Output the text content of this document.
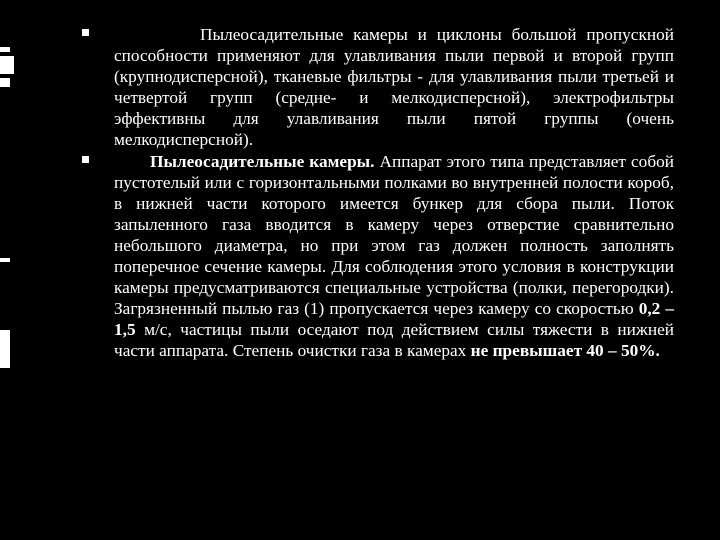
Пылеосадительные камеры и циклоны большой пропускной способности применяют для улавливания пыли первой и второй групп (крупнодисперсной), тканевые фильтры - для улавливания пыли третьей и четвертой групп (средне- и мелкодисперсной), электрофильтры эффективны для улавливания пыли пятой группы (очень мелкодисперсной).
Пылеосадительные камеры. Аппарат этого типа представляет собой пустотелый или с горизонтальными полками во внутренней полости короб, в нижней части которого имеется бункер для сбора пыли. Поток запыленного газа вводится в камеру через отверстие сравнительно небольшого диаметра, но при этом газ должен полность заполнять поперечное сечение камеры. Для соблюдения этого условия в конструкции камеры предусматриваются специальные устройства (полки, перегородки). Загрязненный пылью газ (1) пропускается через камеру со скоростью 0,2 – 1,5 м/с, частицы пыли оседают под действием силы тяжести в нижней части аппарата. Степень очистки газа в камерах не превышает 40 – 50%.
